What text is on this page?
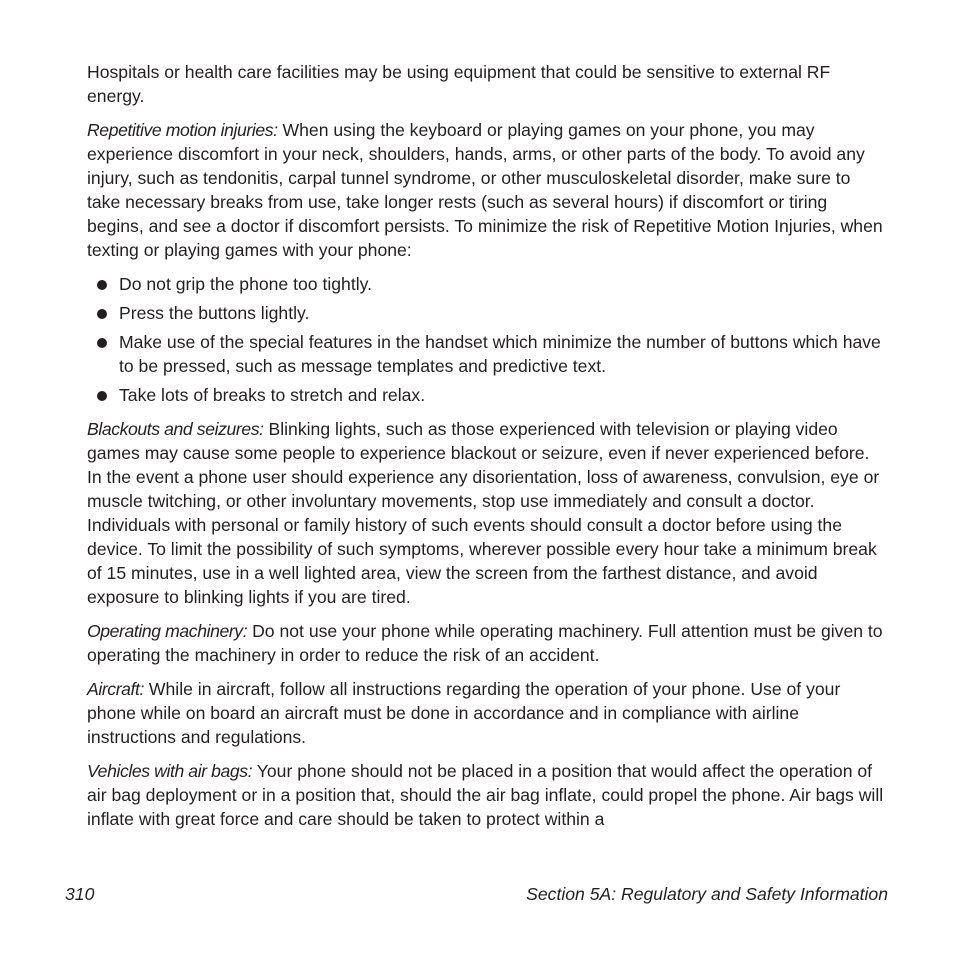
Hospitals or health care facilities may be using equipment that could be sensitive to external RF energy.

Repetitive motion injuries: When using the keyboard or playing games on your phone, you may experience discomfort in your neck, shoulders, hands, arms, or other parts of the body. To avoid any injury, such as tendonitis, carpal tunnel syndrome, or other musculoskeletal disorder, make sure to take necessary breaks from use, take longer rests (such as several hours) if discomfort or tiring begins, and see a doctor if discomfort persists. To minimize the risk of Repetitive Motion Injuries, when texting or playing games with your phone:

Do not grip the phone too tightly.
Press the buttons lightly.
Make use of the special features in the handset which minimize the number of buttons which have to be pressed, such as message templates and predictive text.
Take lots of breaks to stretch and relax.

Blackouts and seizures: Blinking lights, such as those experienced with television or playing video games may cause some people to experience blackout or seizure, even if never experienced before. In the event a phone user should experience any disorientation, loss of awareness, convulsion, eye or muscle twitching, or other involuntary movements, stop use immediately and consult a doctor. Individuals with personal or family history of such events should consult a doctor before using the device. To limit the possibility of such symptoms, wherever possible every hour take a minimum break of 15 minutes, use in a well lighted area, view the screen from the farthest distance, and avoid exposure to blinking lights if you are tired.

Operating machinery: Do not use your phone while operating machinery. Full attention must be given to operating the machinery in order to reduce the risk of an accident.

Aircraft: While in aircraft, follow all instructions regarding the operation of your phone. Use of your phone while on board an aircraft must be done in accordance and in compliance with airline instructions and regulations.

Vehicles with air bags: Your phone should not be placed in a position that would affect the operation of air bag deployment or in a position that, should the air bag inflate, could propel the phone. Air bags will inflate with great force and care should be taken to protect within a

310	Section 5A: Regulatory and Safety Information
